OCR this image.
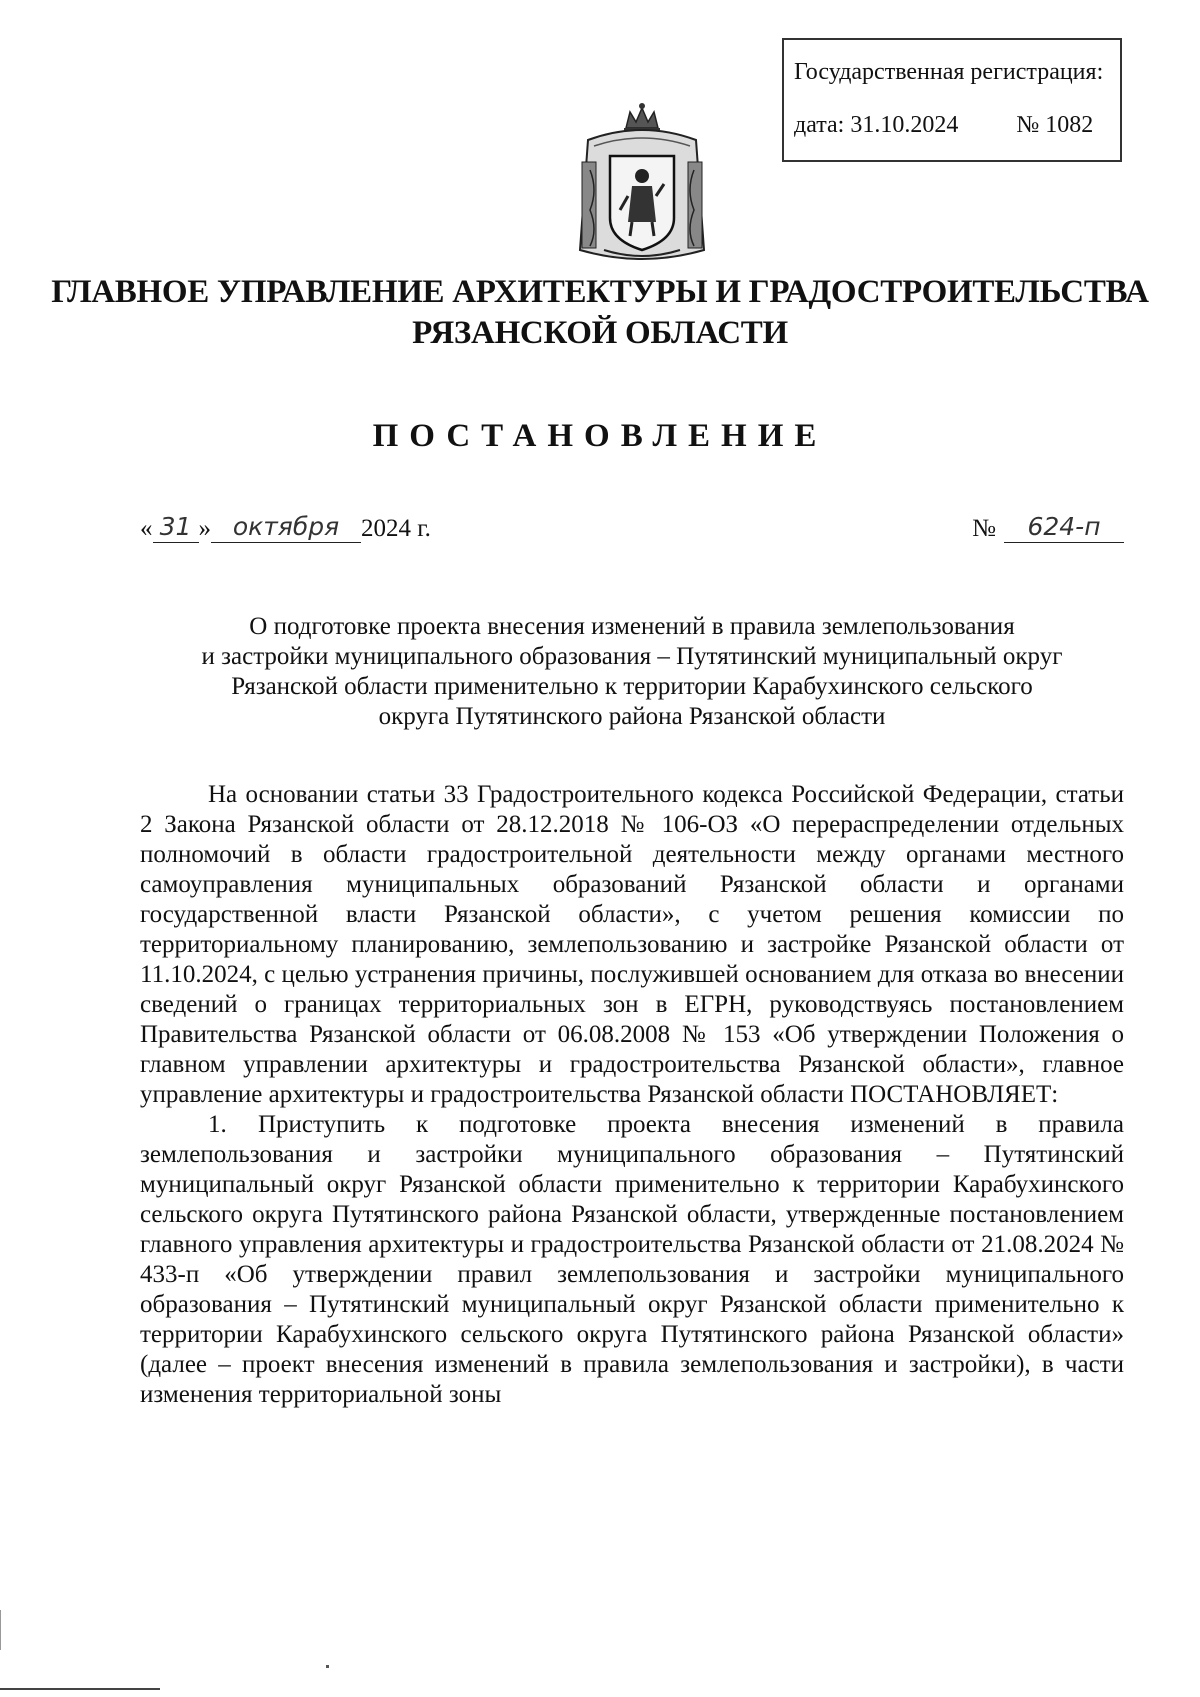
Государственная регистрация:
дата: 31.10.2024 № 1082
ГЛАВНОЕ УПРАВЛЕНИЕ АРХИТЕКТУРЫ И ГРАДОСТРОИТЕЛЬСТВА
РЯЗАНСКОЙ ОБЛАСТИ
ПОСТАНОВЛЕНИЕ
« 31 » октября 2024 г.	№	624-п
О подготовке проекта внесения изменений в правила землепользования
и застройки муниципального образования – Путятинский муниципальный округ
Рязанской области применительно к территории Карабухинского сельского
округа Путятинского района Рязанской области

На основании статьи 33 Градостроительного кодекса Российской Федерации, статьи 2 Закона Рязанской области от 28.12.2018 № 106-ОЗ «О перераспределении отдельных полномочий в области градостроительной деятельности между органами местного самоуправления муниципальных образований Рязанской области и органами государственной власти Рязанской области», с учетом решения комиссии по территориальному планированию, землепользованию и застройке Рязанской области от 11.10.2024, с целью устранения причины, послужившей основанием для отказа во внесении сведений о границах территориальных зон в ЕГРН, руководствуясь постановлением Правительства Рязанской области от 06.08.2008 № 153 «Об утверждении Положения о главном управлении архитектуры и градостроительства Рязанской области», главное управление архитектуры и градостроительства Рязанской области ПОСТАНОВЛЯЕТ:

1. Приступить к подготовке проекта внесения изменений в правила землепользования и застройки муниципального образования – Путятинский муниципальный округ Рязанской области применительно к территории Карабухинского сельского округа Путятинского района Рязанской области, утвержденные постановлением главного управления архитектуры и градостроительства Рязанской области от 21.08.2024 № 433-п «Об утверждении правил землепользования и застройки муниципального образования – Путятинский муниципальный округ Рязанской области применительно к территории Карабухинского сельского округа Путятинского района Рязанской области» (далее – проект внесения изменений в правила землепользования и застройки), в части изменения территориальной зоны
